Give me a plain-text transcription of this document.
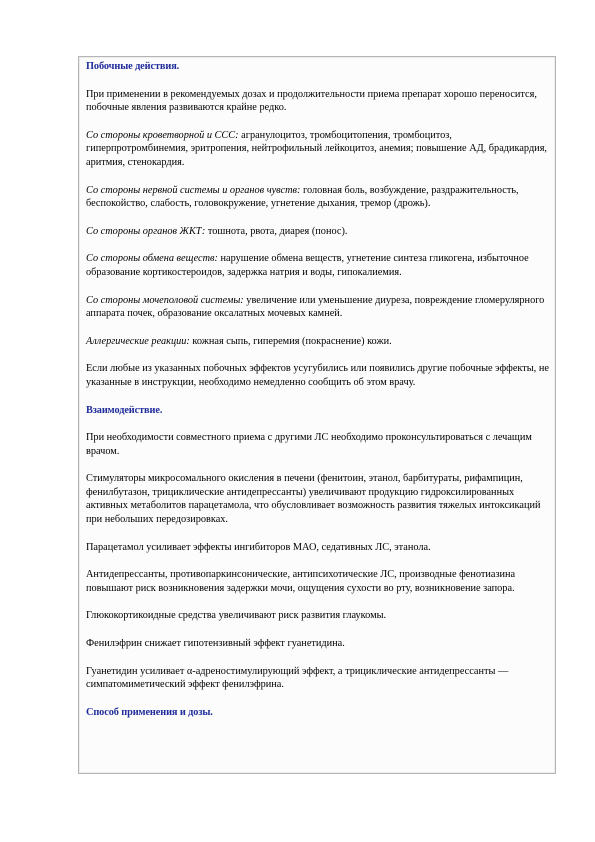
Побочные действия.

При применении в рекомендуемых дозах и продолжительности приема препарат хорошо переносится, побочные явления развиваются крайне редко.

Со стороны кроветворной и ССС: агранулоцитоз, тромбоцитопения, тромбоцитоз, гиперпротромбинемия, эритропения, нейтрофильный лейкоцитоз, анемия; повышение АД, брадикардия, аритмия, стенокардия.

Со стороны нервной системы и органов чувств: головная боль, возбуждение, раздражительность, беспокойство, слабость, головокружение, угнетение дыхания, тремор (дрожь).

Со стороны органов ЖКТ: тошнота, рвота, диарея (понос).

Со стороны обмена веществ: нарушение обмена веществ, угнетение синтеза гликогена, избыточное образование кортикостероидов, задержка натрия и воды, гипокалиемия.

Со стороны мочеполовой системы: увеличение или уменьшение диуреза, повреждение гломерулярного аппарата почек, образование оксалатных мочевых камней.

Аллергические реакции: кожная сыпь, гиперемия (покраснение) кожи.

Если любые из указанных побочных эффектов усугубились или появились другие побочные эффекты, не указанные в инструкции, необходимо немедленно сообщить об этом врачу.

Взаимодействие.

При необходимости совместного приема с другими ЛС необходимо проконсультироваться с лечащим врачом.

Стимуляторы микросомального окисления в печени (фенитоин, этанол, барбитураты, рифампицин, фенилбутазон, трициклические антидепрессанты) увеличивают продукцию гидроксилированных активных метаболитов парацетамола, что обусловливает возможность развития тяжелых интоксикаций при небольших передозировках.

Парацетамол усиливает эффекты ингибиторов МАО, седативных ЛС, этанола.

Антидепрессанты, противопаркинсонические, антипсихотические ЛС, производные фенотиазина повышают риск возникновения задержки мочи, ощущения сухости во рту, возникновение запора.

Глюкокортикоидные средства увеличивают риск развития глаукомы.

Фенилэфрин снижает гипотензивный эффект гуанетидина.

Гуанетидин усиливает α-адреностимулирующий эффект, а трициклические антидепрессанты — симпатомиметический эффект фенилэфрина.

Способ применения и дозы.
